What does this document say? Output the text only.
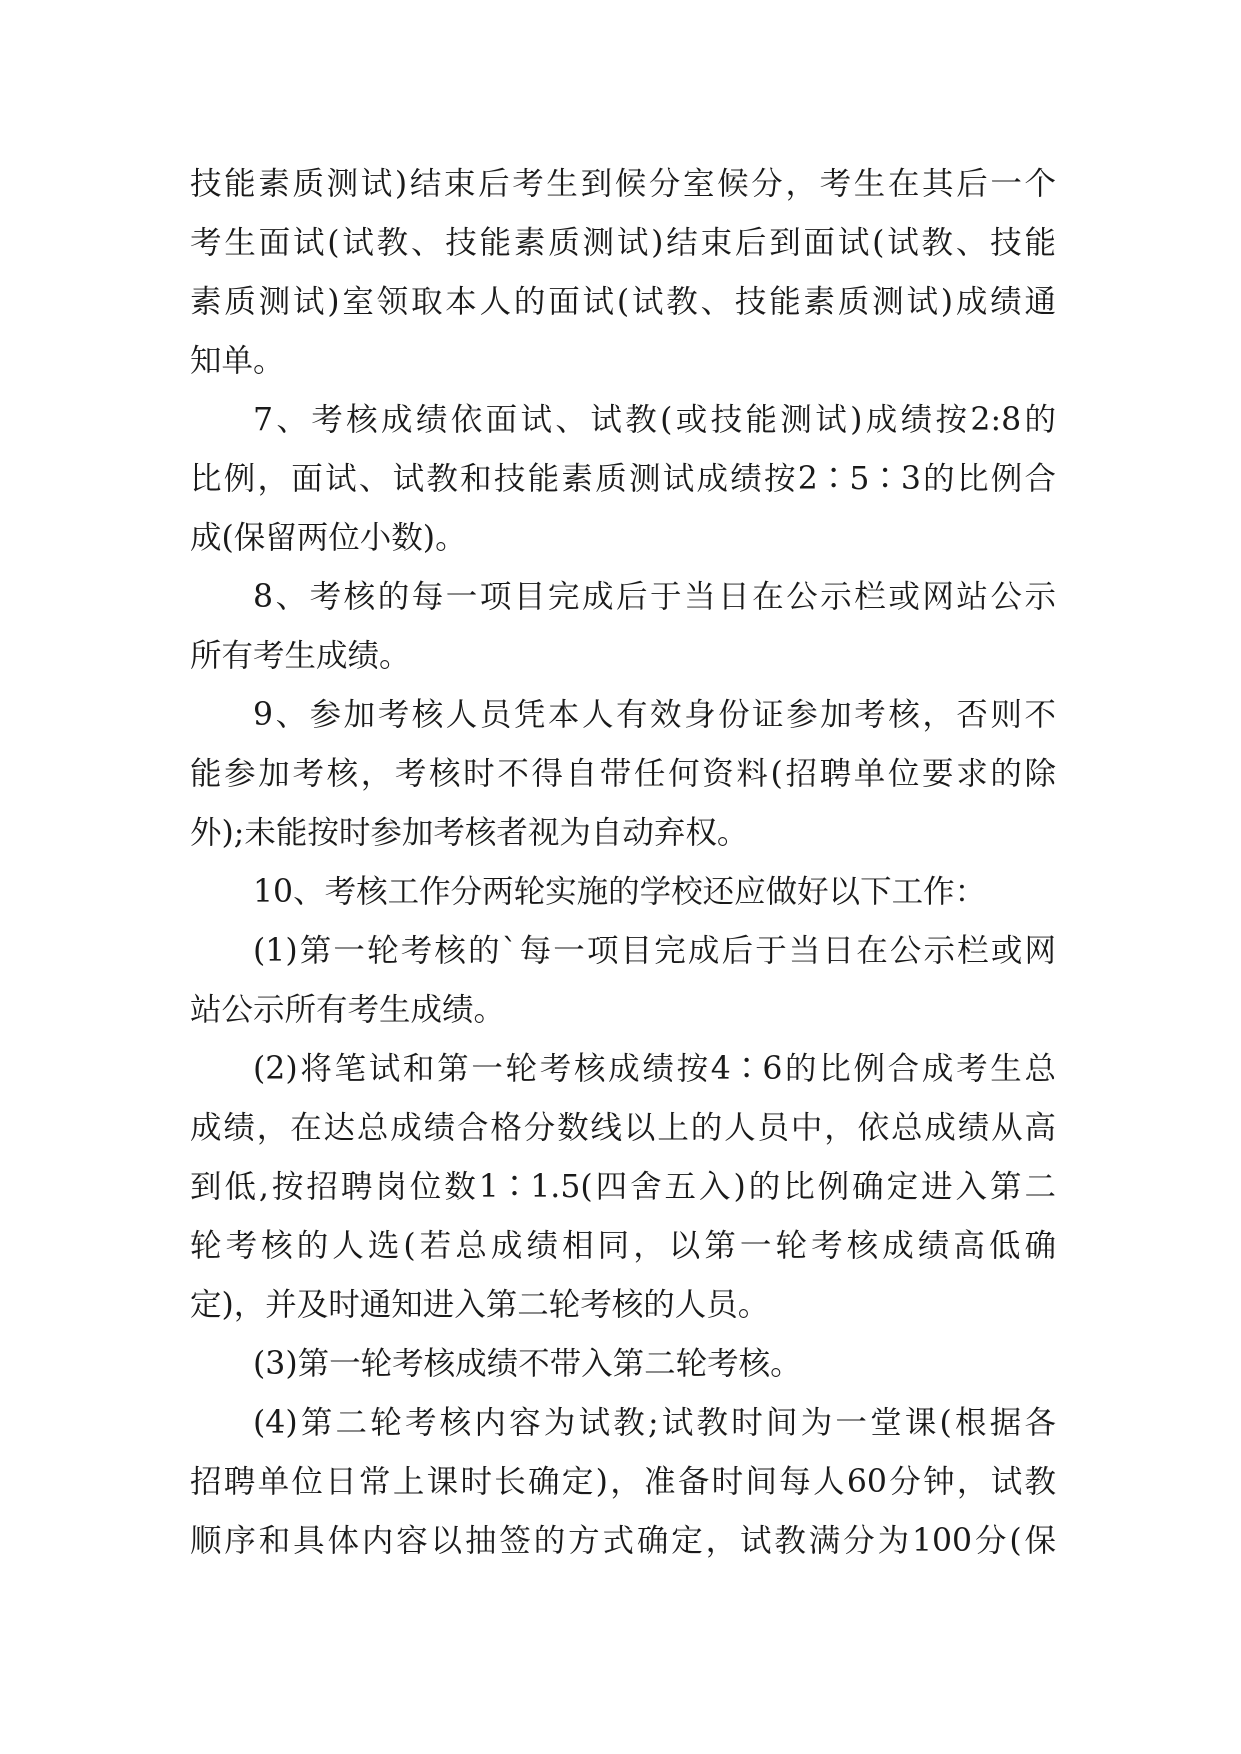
技能素质测试)结束后考生到候分室候分，考生在其后一个
考生面试(试教、技能素质测试)结束后到面试(试教、技能
素质测试)室领取本人的面试(试教、技能素质测试)成绩通
知单。
7、考核成绩依面试、试教(或技能测试)成绩按2:8的
比例，面试、试教和技能素质测试成绩按2∶5∶3的比例合
成(保留两位小数)。
8、考核的每一项目完成后于当日在公示栏或网站公示
所有考生成绩。
9、参加考核人员凭本人有效身份证参加考核，否则不
能参加考核，考核时不得自带任何资料(招聘单位要求的除
外);未能按时参加考核者视为自动弃权。
10、考核工作分两轮实施的学校还应做好以下工作：
(1)第一轮考核的`每一项目完成后于当日在公示栏或网
站公示所有考生成绩。
(2)将笔试和第一轮考核成绩按4∶6的比例合成考生总
成绩，在达总成绩合格分数线以上的人员中，依总成绩从高
到低,按招聘岗位数1∶1.5(四舍五入)的比例确定进入第二
轮考核的人选(若总成绩相同，以第一轮考核成绩高低确
定)，并及时通知进入第二轮考核的人员。
(3)第一轮考核成绩不带入第二轮考核。
(4)第二轮考核内容为试教;试教时间为一堂课(根据各
招聘单位日常上课时长确定)，准备时间每人60分钟，试教
顺序和具体内容以抽签的方式确定，试教满分为100分(保
